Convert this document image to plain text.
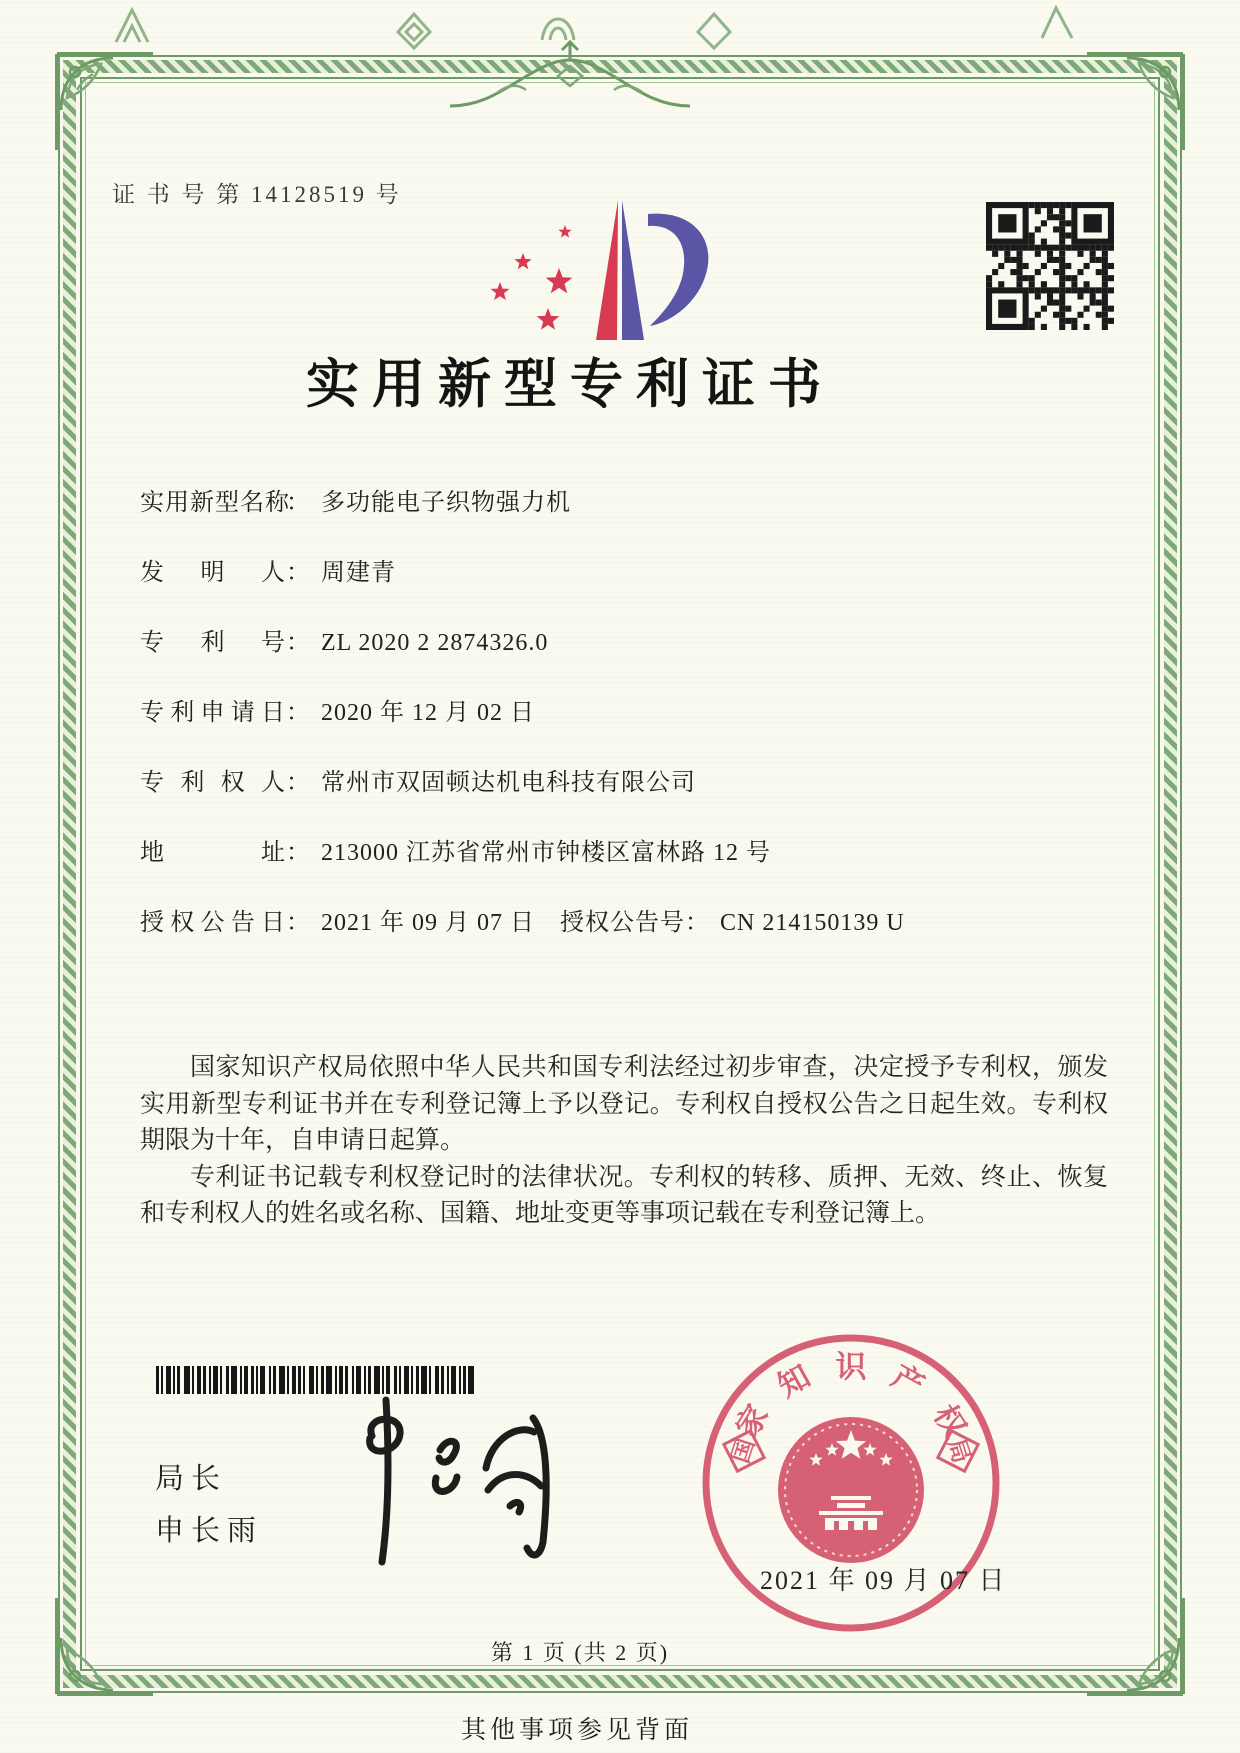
证 书 号 第 14128519 号
实用新型专利证书
实用新型名称： 多功能电子织物强力机
发明人： 周建青
专利号： ZL 2020 2 2874326.0
专利申请日： 2020 年 12 月 02 日
专利权人： 常州市双固顿达机电科技有限公司
地址： 213000 江苏省常州市钟楼区富林路 12 号
授权公告日： 2021 年 09 月 07 日 授权公告号： CN 214150139 U

国家知识产权局依照中华人民共和国专利法经过初步审查，决定授予专利权，颁发实用新型专利证书并在专利登记簿上予以登记。专利权自授权公告之日起生效。专利权期限为十年，自申请日起算。

专利证书记载专利权登记时的法律状况。专利权的转移、质押、无效、终止、恢复和专利权人的姓名或名称、国籍、地址变更等事项记载在专利登记簿上。

局长
申长雨
家
知 识 产
权
国	局
2021 年 09 月 07 日
第 1 页 (共 2 页)
其他事项参见背面
